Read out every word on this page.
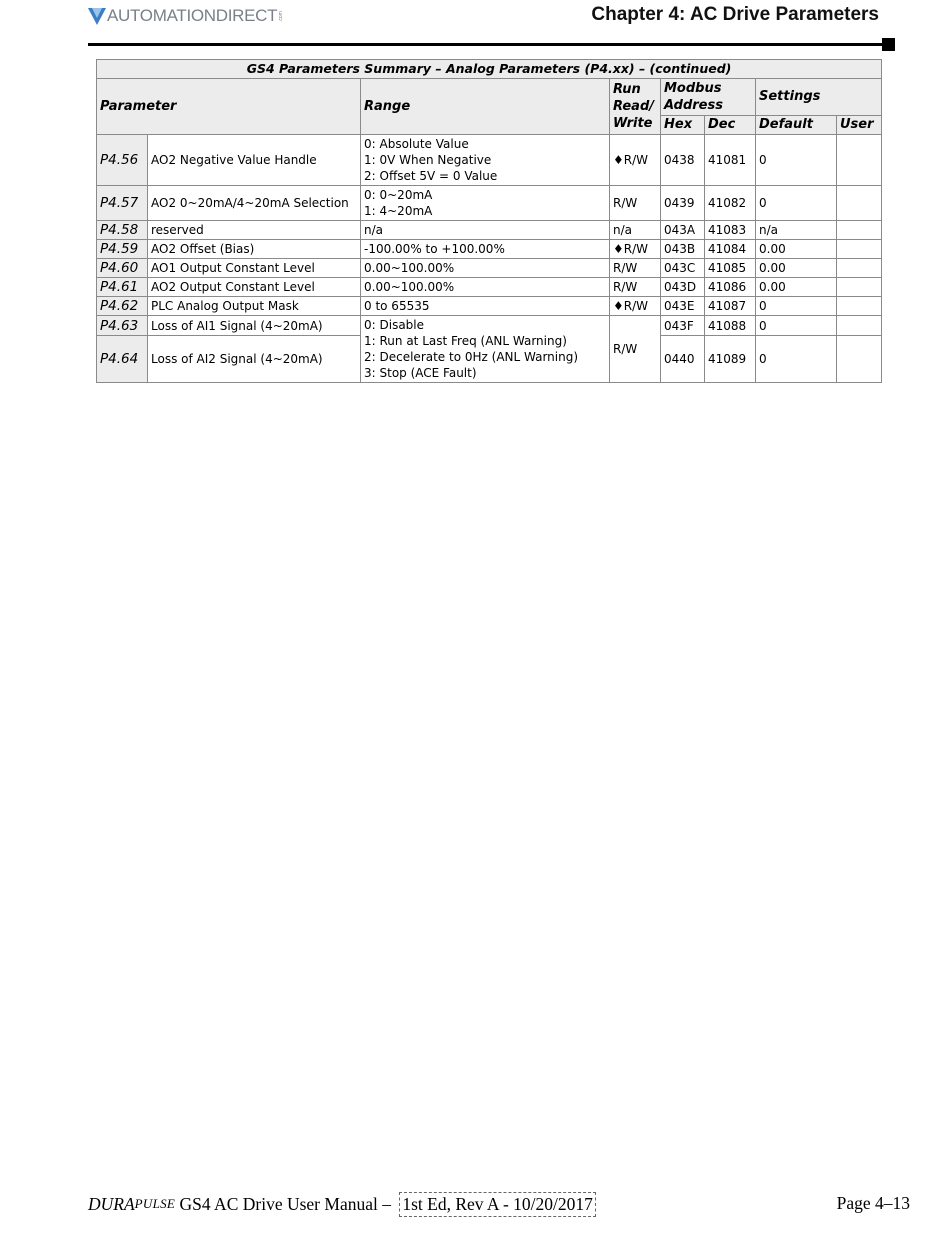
AUTOMATIONDIRECT .com	Chapter 4: AC Drive Parameters
GS4 Parameters Summary – Analog Parameters (P4.xx) – (continued)							
Parameter		Range	Run Read/ Write	Modbus Address		Settings	
				Hex	Dec	Default	User
P4.56	AO2 Negative Value Handle	0: Absolute Value
1: 0V When Negative
2: Offset 5V = 0 Value	♦R/W	0438	41081	0	
P4.57	AO2 0~20mA/4~20mA Selection	0: 0~20mA
1: 4~20mA	R/W	0439	41082	0	
P4.58	reserved	n/a	n/a	043A	41083	n/a	
P4.59	AO2 Offset (Bias)	-100.00% to +100.00%	♦R/W	043B	41084	0.00	
P4.60	AO1 Output Constant Level	0.00~100.00%	R/W	043C	41085	0.00	
P4.61	AO2 Output Constant Level	0.00~100.00%	R/W	043D	41086	0.00	
P4.62	PLC Analog Output Mask	0 to 65535	♦R/W	043E	41087	0	
P4.63	Loss of AI1 Signal (4~20mA)	0: Disable
1: Run at Last Freq (ANL Warning)
2: Decelerate to 0Hz (ANL Warning)
3: Stop (ACE Fault)	R/W	043F	41088	0	
P4.64	Loss of AI2 Signal (4~20mA)			0440	41089	0	
DURA PULSE GS4 AC Drive User Manual – 1st Ed, Rev A - 10/20/2017	Page 4–13
